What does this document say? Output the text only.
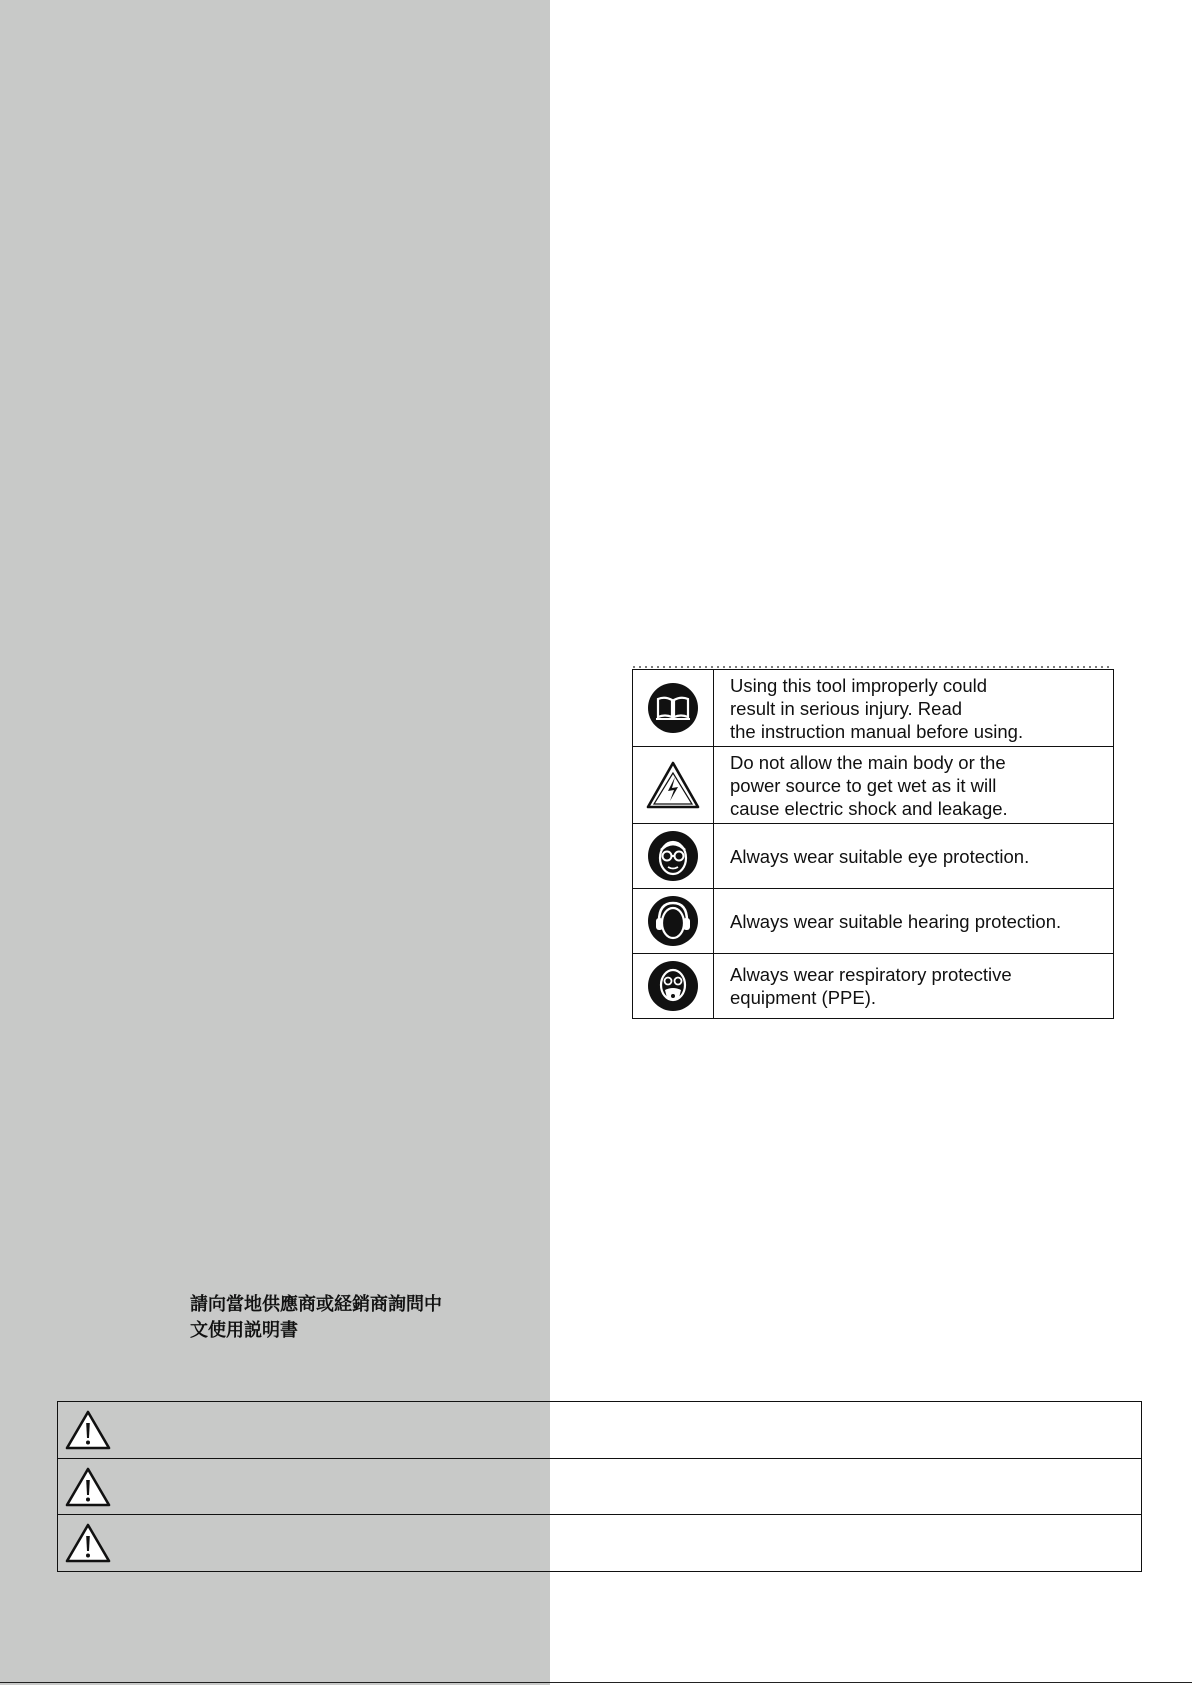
Using this tool improperly could
result in serious injury. Read
the instruction manual before using.

Do not allow the main body or the
power source to get wet as it will
cause electric shock and leakage.

Always wear suitable eye protection.

Always wear suitable hearing protection.

Always wear respiratory protective
equipment (PPE).
請向當地供應商或経銷商詢問中
文使用説明書
